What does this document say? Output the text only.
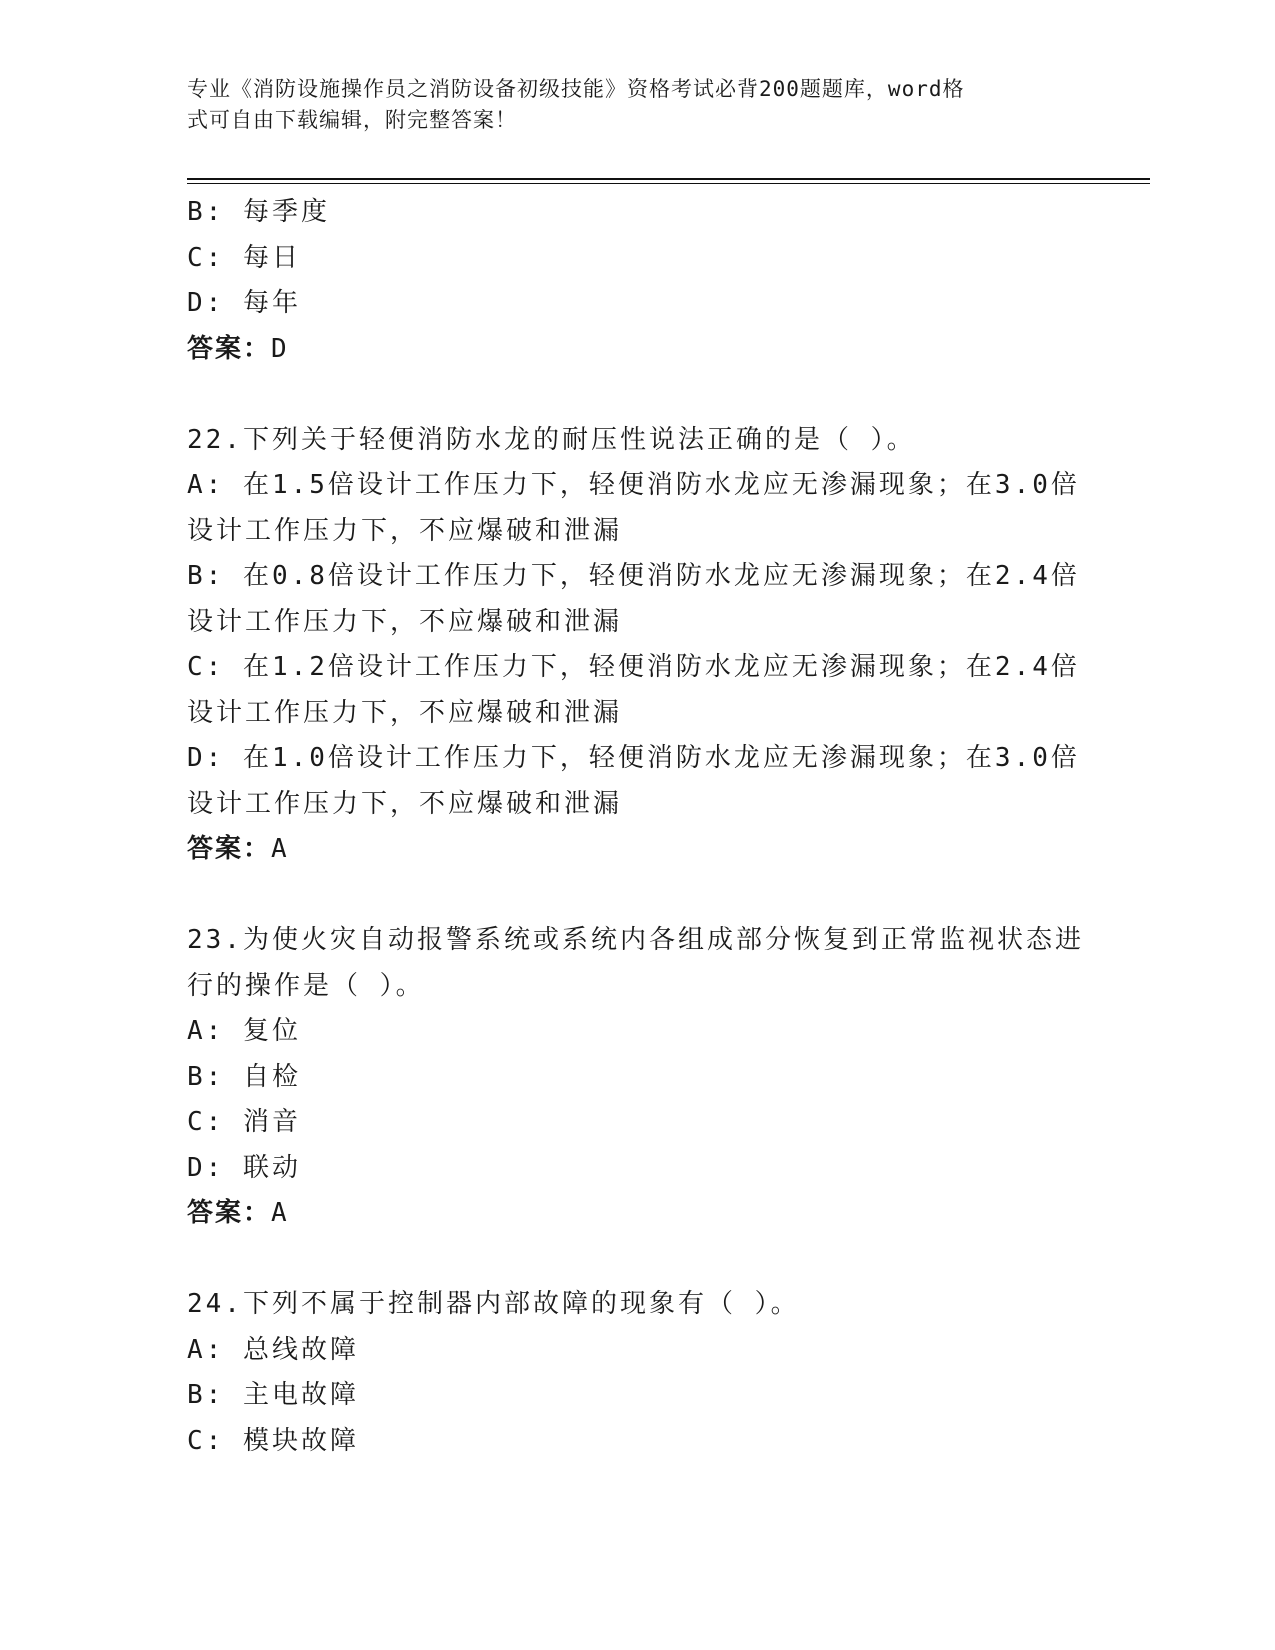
专业《消防设施操作员之消防设备初级技能》资格考试必背200题题库，word格
式可自由下载编辑，附完整答案！
B: 每季度
C: 每日
D: 每年
答案：D
22.下列关于轻便消防水龙的耐压性说法正确的是（ ）。
A: 在1.5倍设计工作压力下，轻便消防水龙应无渗漏现象；在3.0倍
设计工作压力下，不应爆破和泄漏
B: 在0.8倍设计工作压力下，轻便消防水龙应无渗漏现象；在2.4倍
设计工作压力下，不应爆破和泄漏
C: 在1.2倍设计工作压力下，轻便消防水龙应无渗漏现象；在2.4倍
设计工作压力下，不应爆破和泄漏
D: 在1.0倍设计工作压力下，轻便消防水龙应无渗漏现象；在3.0倍
设计工作压力下，不应爆破和泄漏
答案：A
23.为使火灾自动报警系统或系统内各组成部分恢复到正常监视状态进
行的操作是（ ）。
A: 复位
B: 自检
C: 消音
D: 联动
答案：A
24.下列不属于控制器内部故障的现象有（ ）。
A: 总线故障
B: 主电故障
C: 模块故障
